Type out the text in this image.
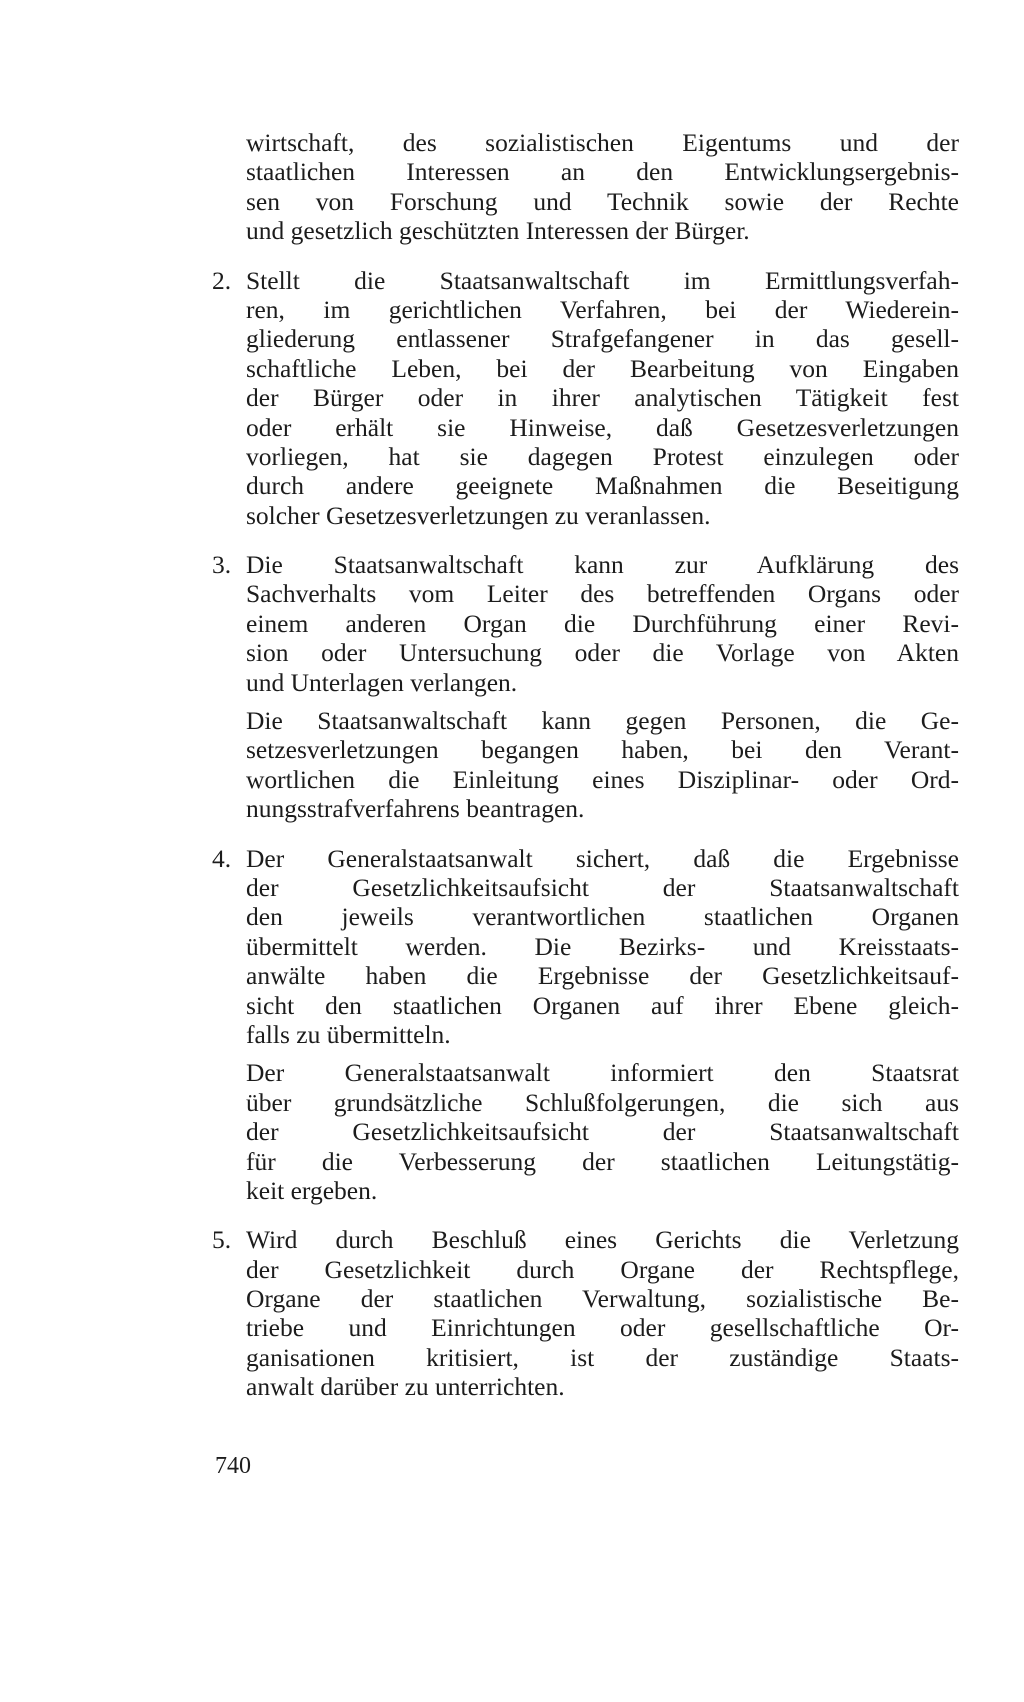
wirtschaft, des sozialistischen Eigentums und der
staatlichen Interessen an den Entwicklungsergebnis-
sen von Forschung und Technik sowie der Rechte
und gesetzlich geschützten Interessen der Bürger.
2. Stellt die Staatsanwaltschaft im Ermittlungsverfah-
ren, im gerichtlichen Verfahren, bei der Wiederein-
gliederung entlassener Strafgefangener in das gesell-
schaftliche Leben, bei der Bearbeitung von Eingaben
der Bürger oder in ihrer analytischen Tätigkeit fest
oder erhält sie Hinweise, daß Gesetzesverletzungen
vorliegen, hat sie dagegen Protest einzulegen oder
durch andere geeignete Maßnahmen die Beseitigung
solcher Gesetzesverletzungen zu veranlassen.
3. Die Staatsanwaltschaft kann zur Aufklärung des
Sachverhalts vom Leiter des betreffenden Organs oder
einem anderen Organ die Durchführung einer Revi-
sion oder Untersuchung oder die Vorlage von Akten
und Unterlagen verlangen.
Die Staatsanwaltschaft kann gegen Personen, die Ge-
setzesverletzungen begangen haben, bei den Verant-
wortlichen die Einleitung eines Disziplinar- oder Ord-
nungsstrafverfahrens beantragen.
4. Der Generalstaatsanwalt sichert, daß die Ergebnisse
der Gesetzlichkeitsaufsicht der Staatsanwaltschaft
den jeweils verantwortlichen staatlichen Organen
übermittelt werden. Die Bezirks- und Kreisstaats-
anwälte haben die Ergebnisse der Gesetzlichkeitsauf-
sicht den staatlichen Organen auf ihrer Ebene gleich-
falls zu übermitteln.
Der Generalstaatsanwalt informiert den Staatsrat
über grundsätzliche Schlußfolgerungen, die sich aus
der Gesetzlichkeitsaufsicht der Staatsanwaltschaft
für die Verbesserung der staatlichen Leitungstätig-
keit ergeben.
5. Wird durch Beschluß eines Gerichts die Verletzung
der Gesetzlichkeit durch Organe der Rechtspflege,
Organe der staatlichen Verwaltung, sozialistische Be-
triebe und Einrichtungen oder gesellschaftliche Or-
ganisationen kritisiert, ist der zuständige Staats-
anwalt darüber zu unterrichten.
740
